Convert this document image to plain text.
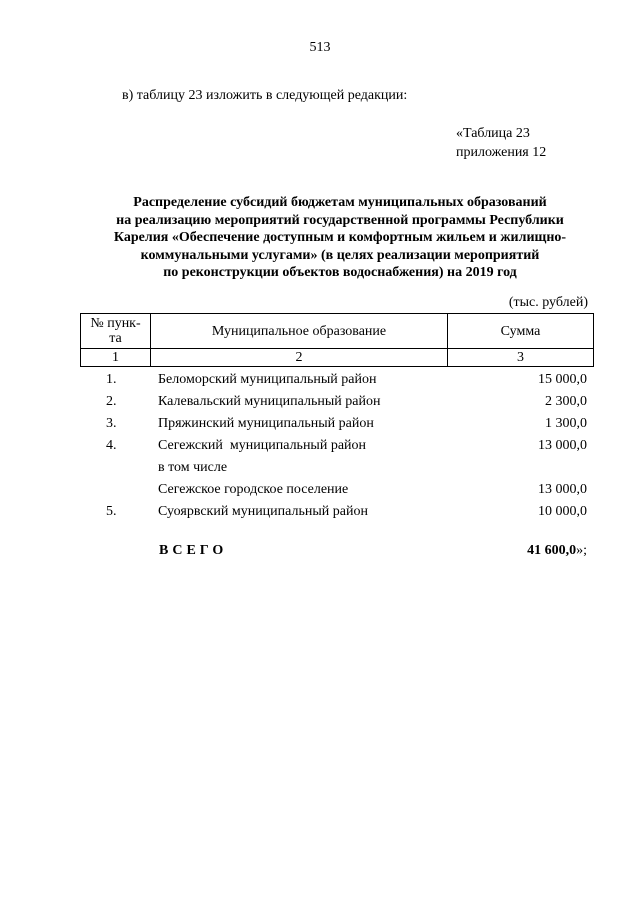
513
в) таблицу 23 изложить в следующей редакции:
«Таблица 23
приложения 12
Распределение субсидий бюджетам муниципальных образований
на реализацию мероприятий государственной программы Республики
Карелия «Обеспечение доступным и комфортным жильем и жилищно-
коммунальными услугами» (в целях реализации мероприятий
по реконструкции объектов водоснабжения) на 2019 год
(тыс. рублей)
№ пунк-
та	Муниципальное образование	Сумма
1	2	3
1.	Беломорский муниципальный район	15 000,0
2.	Калевальский муниципальный район	2 300,0
3.	Пряжинский муниципальный район	1 300,0
4.	Сегежский  муниципальный район	13 000,0
в том числе
Сегежское городское поселение	13 000,0
5.	Суоярвский муниципальный район	10 000,0
ВСЕГО	41 600,0»;
